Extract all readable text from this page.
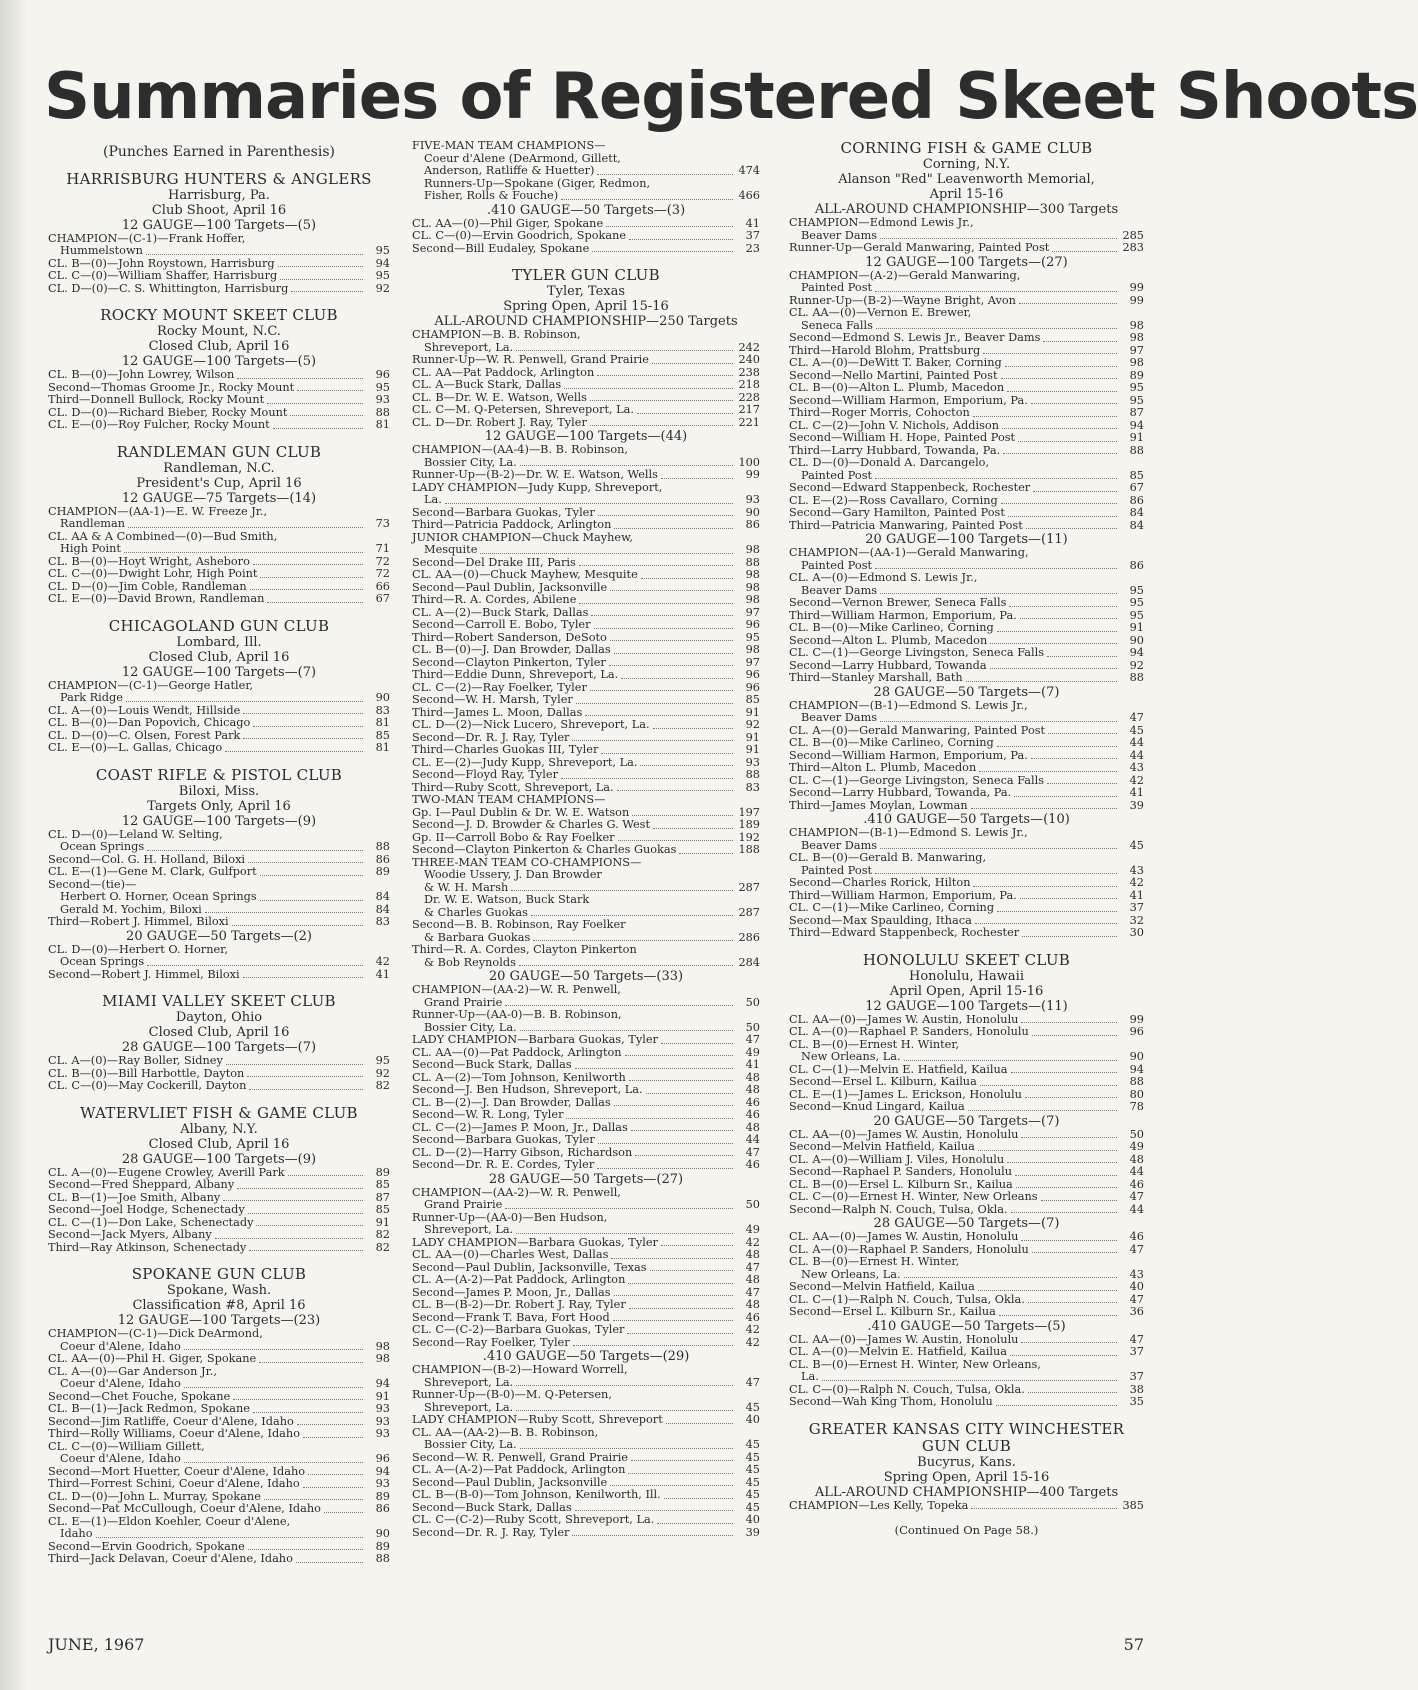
Summaries of Registered Skeet Shoots
(Punches Earned in Parenthesis)
HARRISBURG HUNTERS & ANGLERS
Harrisburg, Pa.
Club Shoot, April 16
12 GAUGE—100 Targets—(5)
CHAMPION—(C-1)—Frank Hoffer,
Hummelstown	95
CL. B—(0)—John Roystown, Harrisburg	94
CL. C—(0)—William Shaffer, Harrisburg	95
CL. D—(0)—C. S. Whittington, Harrisburg	92
ROCKY MOUNT SKEET CLUB
Rocky Mount, N.C.
Closed Club, April 16
12 GAUGE—100 Targets—(5)
CL. B—(0)—John Lowrey, Wilson	96
Second—Thomas Groome Jr., Rocky Mount	95
Third—Donnell Bullock, Rocky Mount	93
CL. D—(0)—Richard Bieber, Rocky Mount	88
CL. E—(0)—Roy Fulcher, Rocky Mount	81
RANDLEMAN GUN CLUB
Randleman, N.C.
President's Cup, April 16
12 GAUGE—75 Targets—(14)
CHAMPION—(AA-1)—E. W. Freeze Jr.,
Randleman	73
CL. AA & A Combined—(0)—Bud Smith,
High Point	71
CL. B—(0)—Hoyt Wright, Asheboro	72
CL. C—(0)—Dwight Lohr, High Point	72
CL. D—(0)—Jim Coble, Randleman	66
CL. E—(0)—David Brown, Randleman	67
CHICAGOLAND GUN CLUB
Lombard, Ill.
Closed Club, April 16
12 GAUGE—100 Targets—(7)
CHAMPION—(C-1)—George Hatler,
Park Ridge	90
CL. A—(0)—Louis Wendt, Hillside	83
CL. B—(0)—Dan Popovich, Chicago	81
CL. D—(0)—C. Olsen, Forest Park	85
CL. E—(0)—L. Gallas, Chicago	81
COAST RIFLE & PISTOL CLUB
Biloxi, Miss.
Targets Only, April 16
12 GAUGE—100 Targets—(9)
CL. D—(0)—Leland W. Selting,
Ocean Springs	88
Second—Col. G. H. Holland, Biloxi	86
CL. E—(1)—Gene M. Clark, Gulfport	89
Second—(tie)—
Herbert O. Horner, Ocean Springs	84
Gerald M. Yochim, Biloxi	84
Third—Robert J. Himmel, Biloxi	83
20 GAUGE—50 Targets—(2)
CL. D—(0)—Herbert O. Horner,
Ocean Springs	42
Second—Robert J. Himmel, Biloxi	41
MIAMI VALLEY SKEET CLUB
Dayton, Ohio
Closed Club, April 16
28 GAUGE—100 Targets—(7)
CL. A—(0)—Ray Boller, Sidney	95
CL. B—(0)—Bill Harbottle, Dayton	92
CL. C—(0)—May Cockerill, Dayton	82
WATERVLIET FISH & GAME CLUB
Albany, N.Y.
Closed Club, April 16
28 GAUGE—100 Targets—(9)
CL. A—(0)—Eugene Crowley, Averill Park	89
Second—Fred Sheppard, Albany	85
CL. B—(1)—Joe Smith, Albany	87
Second—Joel Hodge, Schenectady	85
CL. C—(1)—Don Lake, Schenectady	91
Second—Jack Myers, Albany	82
Third—Ray Atkinson, Schenectady	82
SPOKANE GUN CLUB
Spokane, Wash.
Classification #8, April 16
12 GAUGE—100 Targets—(23)
CHAMPION—(C-1)—Dick DeArmond,
Coeur d'Alene, Idaho	98
CL. AA—(0)—Phil H. Giger, Spokane	98
CL. A—(0)—Gar Anderson Jr.,
Coeur d'Alene, Idaho	94
Second—Chet Fouche, Spokane	91
CL. B—(1)—Jack Redmon, Spokane	93
Second—Jim Ratliffe, Coeur d'Alene, Idaho	93
Third—Rolly Williams, Coeur d'Alene, Idaho	93
CL. C—(0)—William Gillett,
Coeur d'Alene, Idaho	96
Second—Mort Huetter, Coeur d'Alene, Idaho	94
Third—Forrest Schini, Coeur d'Alene, Idaho	93
CL. D—(0)—John L. Murray, Spokane	89
Second—Pat McCullough, Coeur d'Alene, Idaho	86
CL. E—(1)—Eldon Koehler, Coeur d'Alene,
Idaho	90
Second—Ervin Goodrich, Spokane	89
Third—Jack Delavan, Coeur d'Alene, Idaho	88
FIVE-MAN TEAM CHAMPIONS—
Coeur d'Alene (DeArmond, Gillett,
Anderson, Ratliffe & Huetter)	474
Runners-Up—Spokane (Giger, Redmon,
Fisher, Rolls & Fouche)	466
.410 GAUGE—50 Targets—(3)
CL. AA—(0)—Phil Giger, Spokane	41
CL. C—(0)—Ervin Goodrich, Spokane	37
Second—Bill Eudaley, Spokane	23
TYLER GUN CLUB
Tyler, Texas
Spring Open, April 15-16
ALL-AROUND CHAMPIONSHIP—250 Targets
CHAMPION—B. B. Robinson,
Shreveport, La.	242
Runner-Up—W. R. Penwell, Grand Prairie	240
CL. AA—Pat Paddock, Arlington	238
CL. A—Buck Stark, Dallas	218
CL. B—Dr. W. E. Watson, Wells	228
CL. C—M. Q-Petersen, Shreveport, La.	217
CL. D—Dr. Robert J. Ray, Tyler	221
12 GAUGE—100 Targets—(44)
CHAMPION—(AA-4)—B. B. Robinson,
Bossier City, La.	100
Runner-Up—(B-2)—Dr. W. E. Watson, Wells	99
LADY CHAMPION—Judy Kupp, Shreveport,
La.	93
Second—Barbara Guokas, Tyler	90
Third—Patricia Paddock, Arlington	86
JUNIOR CHAMPION—Chuck Mayhew,
Mesquite	98
Second—Del Drake III, Paris	88
CL. AA—(0)—Chuck Mayhew, Mesquite	98
Second—Paul Dublin, Jacksonville	98
Third—R. A. Cordes, Abilene	98
CL. A—(2)—Buck Stark, Dallas	97
Second—Carroll E. Bobo, Tyler	96
Third—Robert Sanderson, DeSoto	95
CL. B—(0)—J. Dan Browder, Dallas	98
Second—Clayton Pinkerton, Tyler	97
Third—Eddie Dunn, Shreveport, La.	96
CL. C—(2)—Ray Foelker, Tyler	96
Second—W. H. Marsh, Tyler	85
Third—James L. Moon, Dallas	91
CL. D—(2)—Nick Lucero, Shreveport, La.	92
Second—Dr. R. J. Ray, Tyler	91
Third—Charles Guokas III, Tyler	91
CL. E—(2)—Judy Kupp, Shreveport, La.	93
Second—Floyd Ray, Tyler	88
Third—Ruby Scott, Shreveport, La.	83
TWO-MAN TEAM CHAMPIONS—
Gp. I—Paul Dublin & Dr. W. E. Watson	197
Second—J. D. Browder & Charles G. West	189
Gp. II—Carroll Bobo & Ray Foelker	192
Second—Clayton Pinkerton & Charles Guokas	188
THREE-MAN TEAM CO-CHAMPIONS—
Woodie Ussery, J. Dan Browder
& W. H. Marsh	287
Dr. W. E. Watson, Buck Stark
& Charles Guokas	287
Second—B. B. Robinson, Ray Foelker
& Barbara Guokas	286
Third—R. A. Cordes, Clayton Pinkerton
& Bob Reynolds	284
20 GAUGE—50 Targets—(33)
CHAMPION—(AA-2)—W. R. Penwell,
Grand Prairie	50
Runner-Up—(AA-0)—B. B. Robinson,
Bossier City, La.	50
LADY CHAMPION—Barbara Guokas, Tyler	47
CL. AA—(0)—Pat Paddock, Arlington	49
Second—Buck Stark, Dallas	41
CL. A—(2)—Tom Johnson, Kenilworth	48
Second—J. Ben Hudson, Shreveport, La.	48
CL. B—(2)—J. Dan Browder, Dallas	46
Second—W. R. Long, Tyler	46
CL. C—(2)—James P. Moon, Jr., Dallas	48
Second—Barbara Guokas, Tyler	44
CL. D—(2)—Harry Gibson, Richardson	47
Second—Dr. R. E. Cordes, Tyler	46
28 GAUGE—50 Targets—(27)
CHAMPION—(AA-2)—W. R. Penwell,
Grand Prairie	50
Runner-Up—(AA-0)—Ben Hudson,
Shreveport, La.	49
LADY CHAMPION—Barbara Guokas, Tyler	42
CL. AA—(0)—Charles West, Dallas	48
Second—Paul Dublin, Jacksonville, Texas	47
CL. A—(A-2)—Pat Paddock, Arlington	48
Second—James P. Moon, Jr., Dallas	47
CL. B—(B-2)—Dr. Robert J. Ray, Tyler	48
Second—Frank T. Bava, Fort Hood	46
CL. C—(C-2)—Barbara Guokas, Tyler	42
Second—Ray Foelker, Tyler	42
.410 GAUGE—50 Targets—(29)
CHAMPION—(B-2)—Howard Worrell,
Shreveport, La.	47
Runner-Up—(B-0)—M. Q-Petersen,
Shreveport, La.	45
LADY CHAMPION—Ruby Scott, Shreveport	40
CL. AA—(AA-2)—B. B. Robinson,
Bossier City, La.	45
Second—W. R. Penwell, Grand Prairie	45
CL. A—(A-2)—Pat Paddock, Arlington	45
Second—Paul Dublin, Jacksonville	45
CL. B—(B-0)—Tom Johnson, Kenilworth, Ill.	45
Second—Buck Stark, Dallas	45
CL. C—(C-2)—Ruby Scott, Shreveport, La.	40
Second—Dr. R. J. Ray, Tyler	39
CORNING FISH & GAME CLUB
Corning, N.Y.
Alanson "Red" Leavenworth Memorial,
April 15-16
ALL-AROUND CHAMPIONSHIP—300 Targets
CHAMPION—Edmond Lewis Jr.,
Beaver Dams	285
Runner-Up—Gerald Manwaring, Painted Post	283
12 GAUGE—100 Targets—(27)
CHAMPION—(A-2)—Gerald Manwaring,
Painted Post	99
Runner-Up—(B-2)—Wayne Bright, Avon	99
CL. AA—(0)—Vernon E. Brewer,
Seneca Falls	98
Second—Edmond S. Lewis Jr., Beaver Dams	98
Third—Harold Blohm, Prattsburg	97
CL. A—(0)—DeWitt T. Baker, Corning	98
Second—Nello Martini, Painted Post	89
CL. B—(0)—Alton L. Plumb, Macedon	95
Second—William Harmon, Emporium, Pa.	95
Third—Roger Morris, Cohocton	87
CL. C—(2)—John V. Nichols, Addison	94
Second—William H. Hope, Painted Post	91
Third—Larry Hubbard, Towanda, Pa.	88
CL. D—(0)—Donald A. Darcangelo,
Painted Post	85
Second—Edward Stappenbeck, Rochester	67
CL. E—(2)—Ross Cavallaro, Corning	86
Second—Gary Hamilton, Painted Post	84
Third—Patricia Manwaring, Painted Post	84
20 GAUGE—100 Targets—(11)
CHAMPION—(AA-1)—Gerald Manwaring,
Painted Post	86
CL. A—(0)—Edmond S. Lewis Jr.,
Beaver Dams	95
Second—Vernon Brewer, Seneca Falls	95
Third—William Harmon, Emporium, Pa.	95
CL. B—(0)—Mike Carlineo, Corning	91
Second—Alton L. Plumb, Macedon	90
CL. C—(1)—George Livingston, Seneca Falls	94
Second—Larry Hubbard, Towanda	92
Third—Stanley Marshall, Bath	88
28 GAUGE—50 Targets—(7)
CHAMPION—(B-1)—Edmond S. Lewis Jr.,
Beaver Dams	47
CL. A—(0)—Gerald Manwaring, Painted Post	45
CL. B—(0)—Mike Carlineo, Corning	44
Second—William Harmon, Emporium, Pa.	44
Third—Alton L. Plumb, Macedon	43
CL. C—(1)—George Livingston, Seneca Falls	42
Second—Larry Hubbard, Towanda, Pa.	41
Third—James Moylan, Lowman	39
.410 GAUGE—50 Targets—(10)
CHAMPION—(B-1)—Edmond S. Lewis Jr.,
Beaver Dams	45
CL. B—(0)—Gerald B. Manwaring,
Painted Post	43
Second—Charles Rorick, Hilton	42
Third—William Harmon, Emporium, Pa.	41
CL. C—(1)—Mike Carlineo, Corning	37
Second—Max Spaulding, Ithaca	32
Third—Edward Stappenbeck, Rochester	30
HONOLULU SKEET CLUB
Honolulu, Hawaii
April Open, April 15-16
12 GAUGE—100 Targets—(11)
CL. AA—(0)—James W. Austin, Honolulu	99
CL. A—(0)—Raphael P. Sanders, Honolulu	96
CL. B—(0)—Ernest H. Winter,
New Orleans, La.	90
CL. C—(1)—Melvin E. Hatfield, Kailua	94
Second—Ersel L. Kilburn, Kailua	88
CL. E—(1)—James L. Erickson, Honolulu	80
Second—Knud Lingard, Kailua	78
20 GAUGE—50 Targets—(7)
CL. AA—(0)—James W. Austin, Honolulu	50
Second—Melvin Hatfield, Kailua	49
CL. A—(0)—William J. Viles, Honolulu	48
Second—Raphael P. Sanders, Honolulu	44
CL. B—(0)—Ersel L. Kilburn Sr., Kailua	46
CL. C—(0)—Ernest H. Winter, New Orleans	47
Second—Ralph N. Couch, Tulsa, Okla.	44
28 GAUGE—50 Targets—(7)
CL. AA—(0)—James W. Austin, Honolulu	46
CL. A—(0)—Raphael P. Sanders, Honolulu	47
CL. B—(0)—Ernest H. Winter,
New Orleans, La.	43
Second—Melvin Hatfield, Kailua	40
CL. C—(1)—Ralph N. Couch, Tulsa, Okla.	47
Second—Ersel L. Kilburn Sr., Kailua	36
.410 GAUGE—50 Targets—(5)
CL. AA—(0)—James W. Austin, Honolulu	47
CL. A—(0)—Melvin E. Hatfield, Kailua	37
CL. B—(0)—Ernest H. Winter, New Orleans,
La.	37
CL. C—(0)—Ralph N. Couch, Tulsa, Okla.	38
Second—Wah King Thom, Honolulu	35
GREATER KANSAS CITY WINCHESTER GUN CLUB
Bucyrus, Kans.
Spring Open, April 15-16
ALL-AROUND CHAMPIONSHIP—400 Targets
CHAMPION—Les Kelly, Topeka	385
(Continued On Page 58.)
JUNE, 1967	57
